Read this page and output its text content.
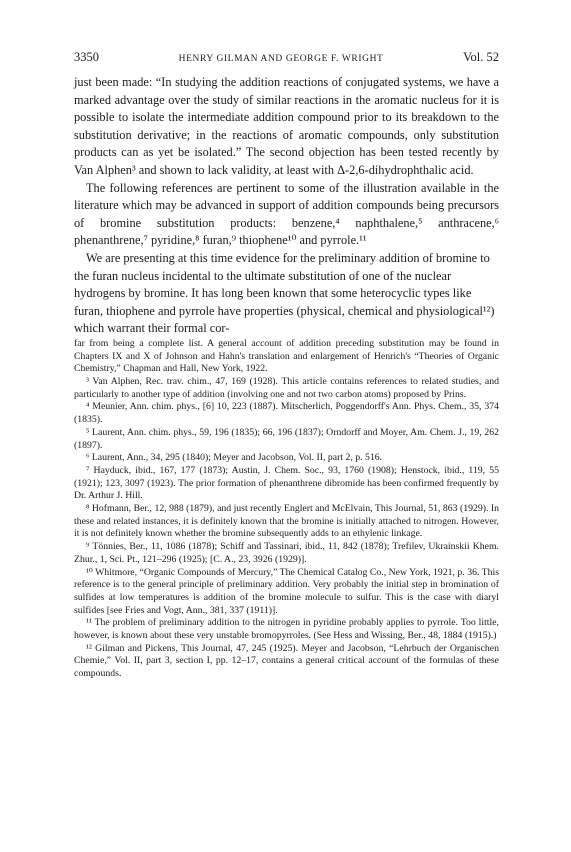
3350	HENRY GILMAN AND GEORGE F. WRIGHT	Vol. 52

just been made: “In studying the addition reactions of conjugated systems, we have a marked advantage over the study of similar reactions in the aromatic nucleus for it is possible to isolate the intermediate addition compound prior to its breakdown to the substitution derivative; in the reactions of aromatic compounds, only substitution products can as yet be isolated.” The second objection has been tested recently by Van Alphen³ and shown to lack validity, at least with Δ-2,6-dihydrophthalic acid.

The following references are pertinent to some of the illustration available in the literature which may be advanced in support of addition compounds being precursors of bromine substitution products: benzene,⁴ naphthalene,⁵ anthracene,⁶ phenanthrene,⁷ pyridine,⁸ furan,⁹ thiophene¹⁰ and pyrrole.¹¹

We are presenting at this time evidence for the preliminary addition of bromine to the furan nucleus incidental to the ultimate substitution of one of the nuclear hydrogens by bromine. It has long been known that some heterocyclic types like furan, thiophene and pyrrole have properties (physical, chemical and physiological¹²) which warrant their formal cor-

far from being a complete list. A general account of addition preceding substitution may be found in Chapters IX and X of Johnson and Hahn's translation and enlargement of Henrich's “Theories of Organic Chemistry,” Chapman and Hall, New York, 1922.

³ Van Alphen, Rec. trav. chim., 47, 169 (1928). This article contains references to related studies, and particularly to another type of addition (involving one and not two carbon atoms) proposed by Prins.

⁴ Meunier, Ann. chim. phys., [6] 10, 223 (1887). Mitscherlich, Poggendorff's Ann. Phys. Chem., 35, 374 (1835).

⁵ Laurent, Ann. chim. phys., 59, 196 (1835); 66, 196 (1837); Orndorff and Moyer, Am. Chem. J., 19, 262 (1897).

⁶ Laurent, Ann., 34, 295 (1840); Meyer and Jacobson, Vol. II, part 2, p. 516.

⁷ Hayduck, ibid., 167, 177 (1873); Austin, J. Chem. Soc., 93, 1760 (1908); Henstock, ibid., 119, 55 (1921); 123, 3097 (1923). The prior formation of phenanthrene dibromide has been confirmed frequently by Dr. Arthur J. Hill.

⁸ Hofmann, Ber., 12, 988 (1879), and just recently Englert and McElvain, This Journal, 51, 863 (1929). In these and related instances, it is definitely known that the bromine is initially attached to nitrogen. However, it is not definitely known whether the bromine subsequently adds to an ethylenic linkage.

⁹ Tönnies, Ber., 11, 1086 (1878); Schiff and Tassinari, ibid., 11, 842 (1878); Trefilev, Ukrainskii Khem. Zhur., 1, Sci. Pt., 121–296 (1925); [C. A., 23, 3926 (1929)].

¹⁰ Whitmore, “Organic Compounds of Mercury,” The Chemical Catalog Co., New York, 1921, p. 36. This reference is to the general principle of preliminary addition. Very probably the initial step in bromination of sulfides at low temperatures is addition of the bromine molecule to sulfur. This is the case with diaryl sulfides [see Fries and Vogt, Ann., 381, 337 (1911)].

¹¹ The problem of preliminary addition to the nitrogen in pyridine probably applies to pyrrole. Too little, however, is known about these very unstable bromopyrroles. (See Hess and Wissing, Ber., 48, 1884 (1915).)

¹² Gilman and Pickens, This Journal, 47, 245 (1925). Meyer and Jacobson, “Lehrbuch der Organischen Chemie,” Vol. II, part 3, section I, pp. 12–17, contains a general critical account of the formulas of these compounds.
